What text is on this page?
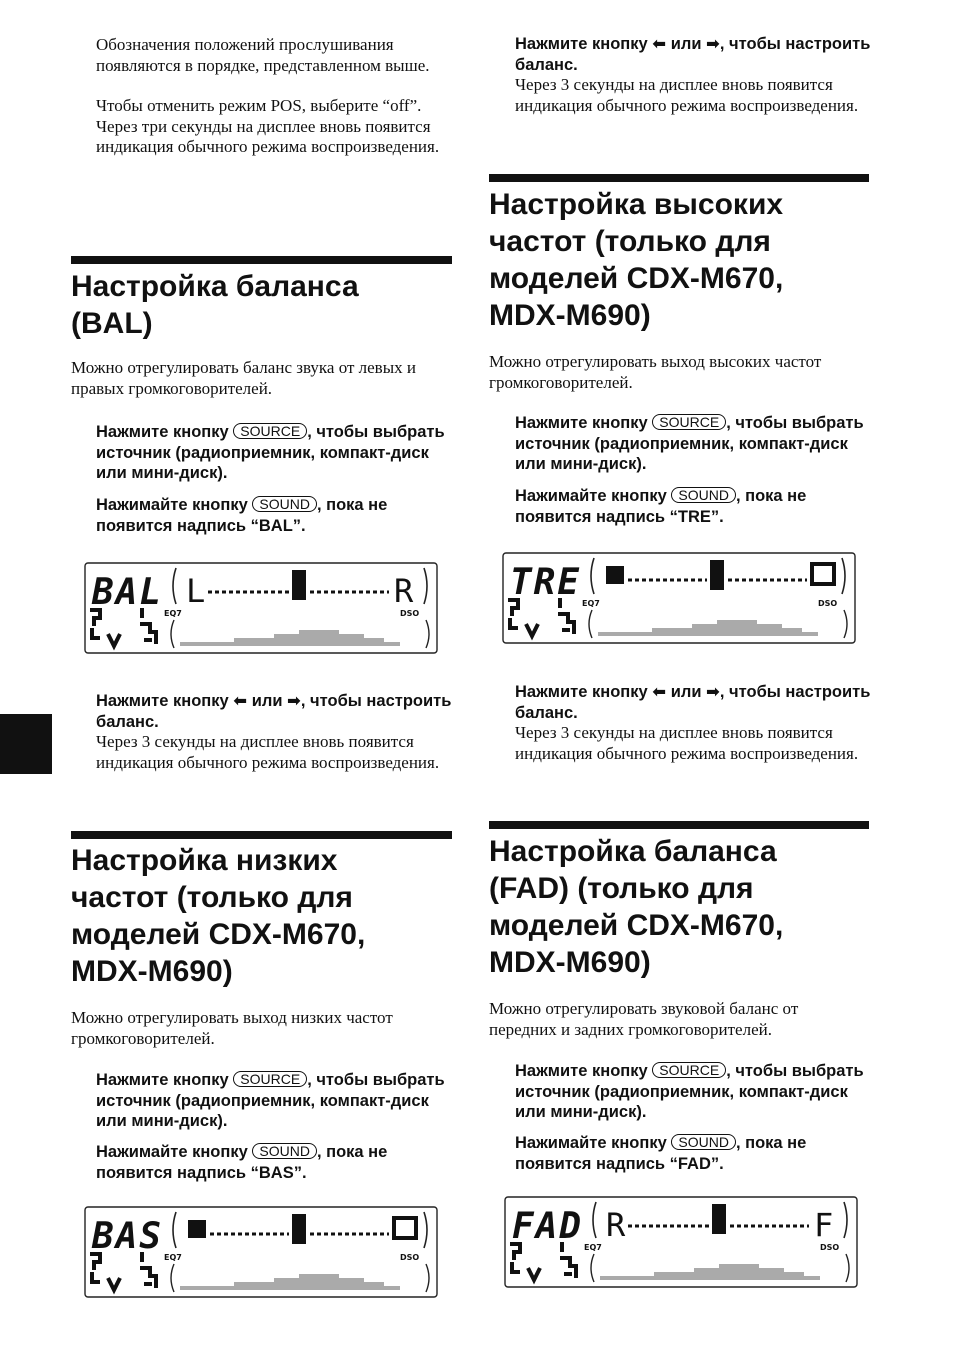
Обозначения положений прослушивания появляются в порядке, представленном выше.

Чтобы отменить режим POS, выберите “off”.

Через три секунды на дисплее вновь появится индикация обычного режима воспроизведения.

Настройка баланса
(BAL)

Можно отрегулировать баланс звука от левых и правых громкоговорителей.

Нажмите кнопку SOURCE , чтобы выбрать источник (радиоприемник, компакт-диск или мини-диск).
Нажимайте кнопку SOUND , пока не появится надпись “BAL”.
BAL L	R
EQ7	DSO
Нажмите кнопку ⬅ или ➡, чтобы настроить баланс.

Через 3 секунды на дисплее вновь появится индикация обычного режима воспроизведения.

Настройка низких
частот (только для
моделей CDX-M670,
MDX-M690)

Можно отрегулировать выход низких частот громкоговорителей.

Нажмите кнопку SOURCE , чтобы выбрать источник (радиоприемник, компакт-диск или мини-диск).
Нажимайте кнопку SOUND , пока не появится надпись “BAS”.
BAS
EQ7	DSO
Нажмите кнопку ⬅ или ➡, чтобы настроить баланс.

Через 3 секунды на дисплее вновь появится индикация обычного режима воспроизведения.

Настройка высоких
частот (только для
моделей CDX-M670,
MDX-M690)

Можно отрегулировать выход высоких частот громкоговорителей.

Нажмите кнопку SOURCE , чтобы выбрать источник (радиоприемник, компакт-диск или мини-диск).
Нажимайте кнопку SOUND , пока не появится надпись “TRE”.
TRE
EQ7	DSO
Нажмите кнопку ⬅ или ➡, чтобы настроить баланс.

Через 3 секунды на дисплее вновь появится индикация обычного режима воспроизведения.

Настройка баланса
(FAD) (только для
моделей CDX-M670,
MDX-M690)

Можно отрегулировать звуковой баланс от передних и задних громкоговорителей.

Нажмите кнопку SOURCE , чтобы выбрать источник (радиоприемник, компакт-диск или мини-диск).
Нажимайте кнопку SOUND , пока не появится надпись “FAD”.
FAD R	F
EQ7	DSO
